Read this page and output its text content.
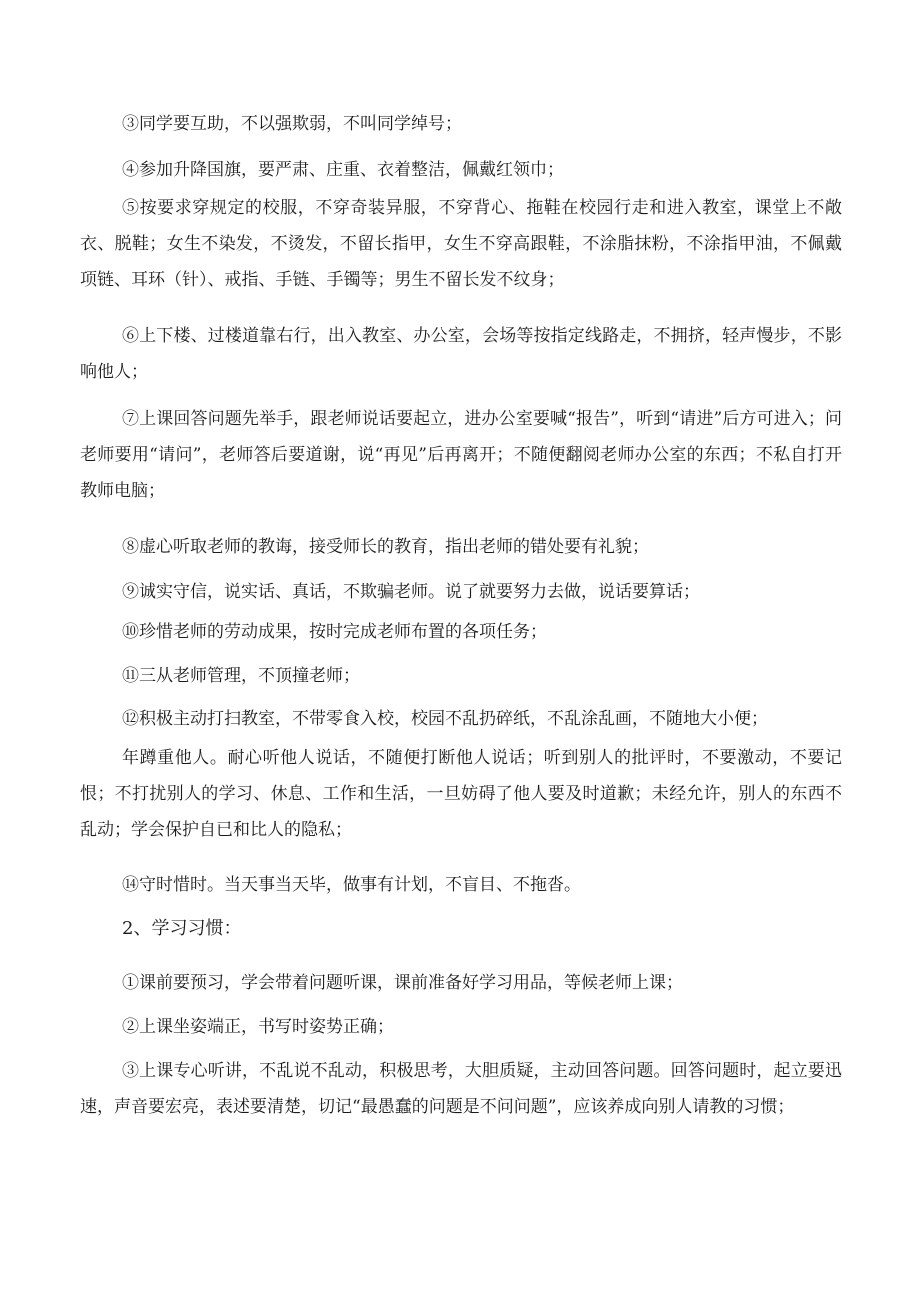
③同学要互助，不以强欺弱，不叫同学绰号；

④参加升降国旗，要严肃、庄重、衣着整洁，佩戴红领巾；

⑤按要求穿规定的校服，不穿奇装异服，不穿背心、拖鞋在校园行走和进入教室，课堂上不敞衣、脱鞋；女生不染发，不烫发，不留长指甲，女生不穿高跟鞋，不涂脂抹粉，不涂指甲油，不佩戴项链、耳环（针）、戒指、手链、手镯等；男生不留长发不纹身；

⑥上下楼、过楼道靠右行，出入教室、办公室，会场等按指定线路走，不拥挤，轻声慢步，不影响他人；

⑦上课回答问题先举手，跟老师说话要起立，进办公室要喊“报告”，听到“请进”后方可进入；问老师要用“请问”，老师答后要道谢，说“再见”后再离开；不随便翻阅老师办公室的东西；不私自打开教师电脑；

⑧虚心听取老师的教诲，接受师长的教育，指出老师的错处要有礼貌；

⑨诚实守信，说实话、真话，不欺骗老师。说了就要努力去做，说话要算话；

⑩珍惜老师的劳动成果，按时完成老师布置的各项任务；

⑪三从老师管理，不顶撞老师；

⑫积极主动打扫教室，不带零食入校，校园不乱扔碎纸，不乱涂乱画，不随地大小便；

年蹲重他人。耐心听他人说话，不随便打断他人说话；听到别人的批评时，不要激动，不要记恨；不打扰别人的学习、休息、工作和生活，一旦妨碍了他人要及时道歉；未经允许，别人的东西不乱动；学会保护自已和比人的隐私；

⑭守时惜时。当天事当天毕，做事有计划，不盲目、不拖沓。

2、学习习惯：

①课前要预习，学会带着问题听课，课前准备好学习用品，等候老师上课；

②上课坐姿端正，书写时姿势正确；

③上课专心听讲，不乱说不乱动，积极思考，大胆质疑，主动回答问题。回答问题时，起立要迅速，声音要宏亮，表述要清楚，切记“最愚蠢的问题是不问问题”，应该养成向别人请教的习惯；
